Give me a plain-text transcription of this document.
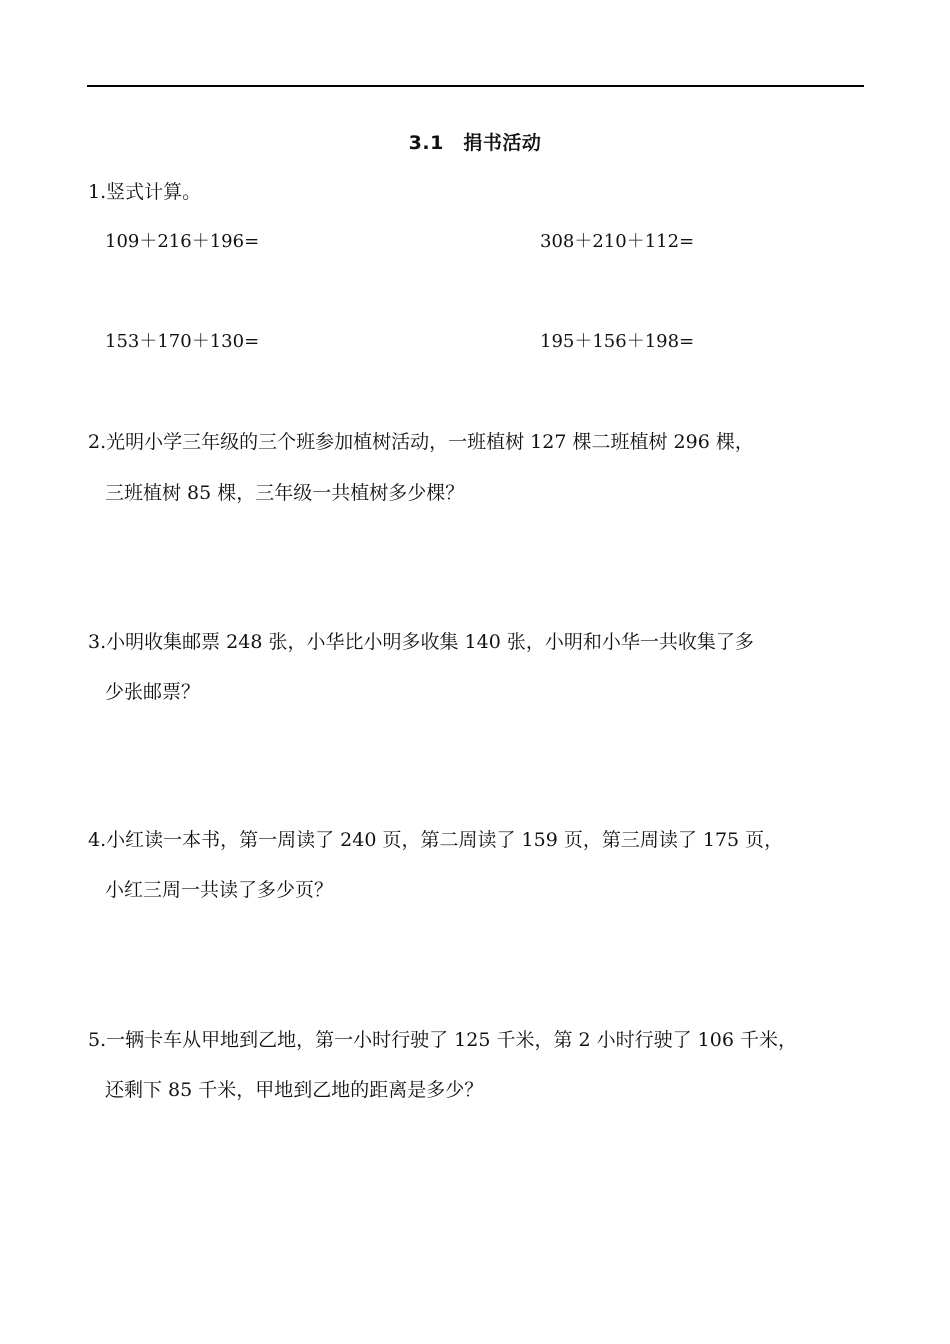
3.1　捐书活动
1.竖式计算。
109＋216＋196=	308＋210＋112=
153＋170＋130=	195＋156＋198=
2.光明小学三年级的三个班参加植树活动，一班植树 127 棵二班植树 296 棵，
三班植树 85 棵，三年级一共植树多少棵？
3.小明收集邮票 248 张，小华比小明多收集 140 张，小明和小华一共收集了多
少张邮票？
4.小红读一本书，第一周读了 240 页，第二周读了 159 页，第三周读了 175 页，
小红三周一共读了多少页？
5.一辆卡车从甲地到乙地，第一小时行驶了 125 千米，第 2 小时行驶了 106 千米，
还剩下 85 千米，甲地到乙地的距离是多少？
